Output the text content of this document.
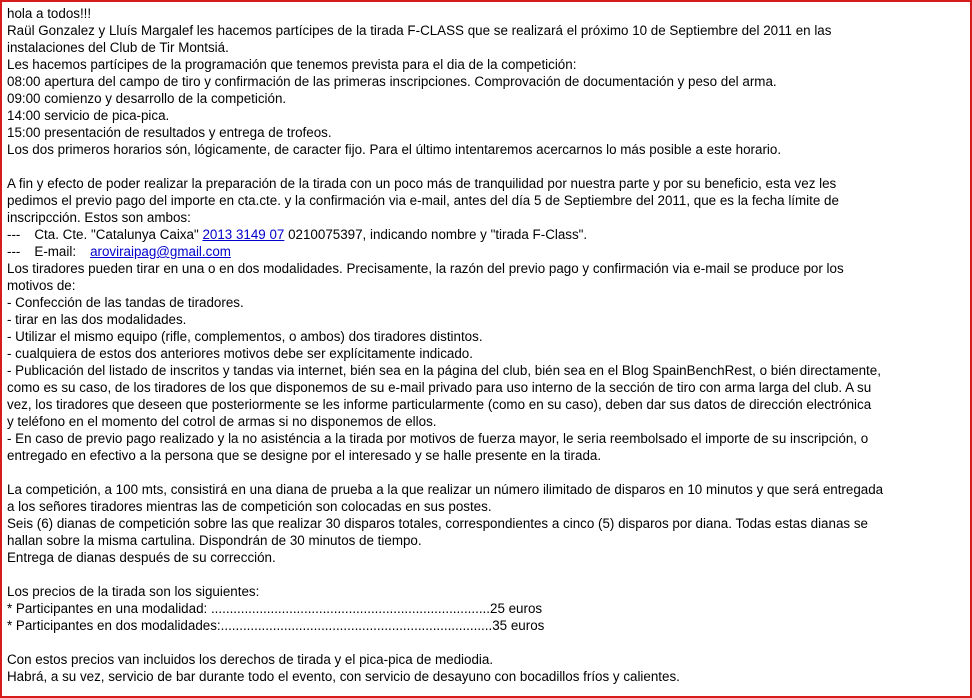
hola a todos!!!
Raül Gonzalez y Lluís Margalef les hacemos partícipes de la tirada F-CLASS que se realizará el próximo 10 de Septiembre del 2011 en las
instalaciones del Club de Tir Montsiá.
Les hacemos partícipes de la programación que tenemos prevista para el dia de la competición:
08:00 apertura del campo de tiro y confirmación de las primeras inscripciones. Comprovación de documentación y peso del arma.
09:00 comienzo y desarrollo de la competición.
14:00 servicio de pica-pica.
15:00 presentación de resultados y entrega de trofeos.
Los dos primeros horarios són, lógicamente, de caracter fijo. Para el último intentaremos acercarnos lo más posible a este horario.
A fin y efecto de poder realizar la preparación de la tirada con un poco más de tranquilidad por nuestra parte y por su beneficio, esta vez les
pedimos el previo pago del importe en cta.cte. y la confirmación via e-mail, antes del día 5 de Septiembre del 2011, que es la fecha límite de
inscripcción. Estos son ambos:
--- Cta. Cte. "Catalunya Caixa" 2013 3149 07 0210075397, indicando nombre y "tirada F-Class".
--- E-mail: aroviraipag@gmail.com
Los tiradores pueden tirar en una o en dos modalidades. Precisamente, la razón del previo pago y confirmación via e-mail se produce por los
motivos de:
- Confección de las tandas de tiradores.
- tirar en las dos modalidades.
- Utilizar el mismo equipo (rifle, complementos, o ambos) dos tiradores distintos.
- cualquiera de estos dos anteriores motivos debe ser explícitamente indicado.
- Publicación del listado de inscritos y tandas via internet, bién sea en la página del club, bién sea en el Blog SpainBenchRest, o bién directamente,
como es su caso, de los tiradores de los que disponemos de su e-mail privado para uso interno de la sección de tiro con arma larga del club. A su
vez, los tiradores que deseen que posteriormente se les informe particularmente (como en su caso), deben dar sus datos de dirección electrónica
y teléfono en el momento del cotrol de armas si no disponemos de ellos.
- En caso de previo pago realizado y la no asisténcia a la tirada por motivos de fuerza mayor, le seria reembolsado el importe de su inscripción, o
entregado en efectivo a la persona que se designe por el interesado y se halle presente en la tirada.
La competición, a 100 mts, consistirá en una diana de prueba a la que realizar un número ilimitado de disparos en 10 minutos y que será entregada
a los señores tiradores mientras las de competición son colocadas en sus postes.
Seis (6) dianas de competición sobre las que realizar 30 disparos totales, correspondientes a cinco (5) disparos por diana. Todas estas dianas se
hallan sobre la misma cartulina. Dispondrán de 30 minutos de tiempo.
Entrega de dianas después de su corrección.
Los precios de la tirada son los siguientes:
* Participantes en una modalidad: ...........................................................................25 euros
* Participantes en dos modalidades:.........................................................................35 euros
Con estos precios van incluidos los derechos de tirada y el pica-pica de mediodia.
Habrá, a su vez, servicio de bar durante todo el evento, con servicio de desayuno con bocadillos fríos y calientes.
